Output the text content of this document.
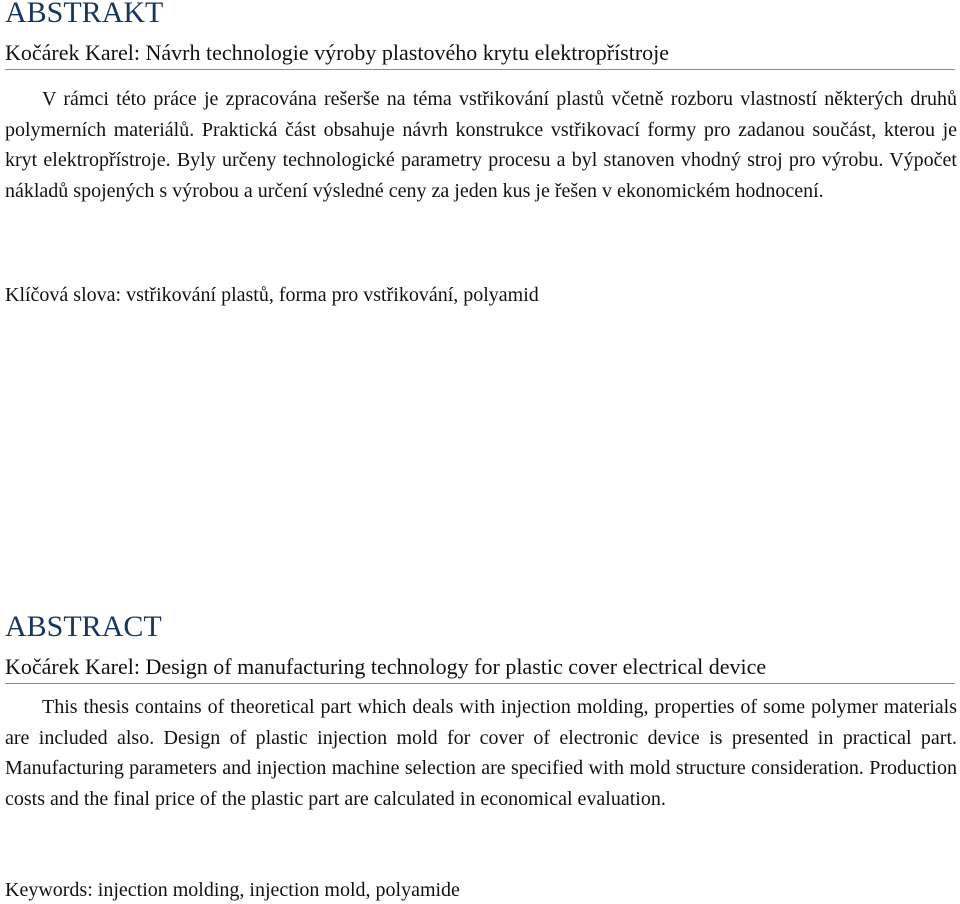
ABSTRAKT

Kočárek Karel: Návrh technologie výroby plastového krytu elektropřístroje

V rámci této práce je zpracována rešerše na téma vstřikování plastů včetně rozboru vlastností některých druhů polymerních materiálů. Praktická část obsahuje návrh konstrukce vstřikovací formy pro zadanou součást, kterou je kryt elektropřístroje. Byly určeny technologické parametry procesu a byl stanoven vhodný stroj pro výrobu. Výpočet nákladů spojených s výrobou a určení výsledné ceny za jeden kus je řešen v ekonomickém hodnocení.

Klíčová slova: vstřikování plastů, forma pro vstřikování, polyamid

ABSTRACT

Kočárek Karel: Design of manufacturing technology for plastic cover electrical device

This thesis contains of theoretical part which deals with injection molding, properties of some polymer materials are included also. Design of plastic injection mold for cover of electronic device is presented in practical part. Manufacturing parameters and injection machine selection are specified with mold structure consideration. Production costs and the final price of the plastic part are calculated in economical evaluation.

Keywords: injection molding, injection mold, polyamide
